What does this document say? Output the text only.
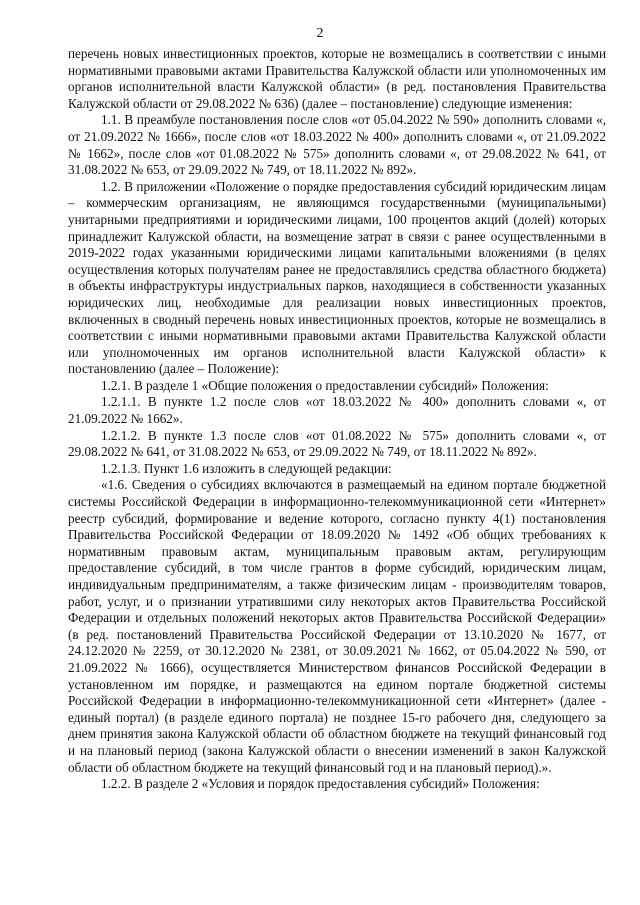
2

перечень новых инвестиционных проектов, которые не возмещались в соответствии с иными нормативными правовыми актами Правительства Калужской области или уполномоченных им органов исполнительной власти Калужской области» (в ред. постановления Правительства Калужской области от 29.08.2022 № 636) (далее – постановление) следующие изменения:

1.1. В преамбуле постановления после слов «от 05.04.2022 № 590» дополнить словами «, от 21.09.2022 № 1666», после слов «от 18.03.2022 № 400» дополнить словами «, от 21.09.2022 № 1662», после слов «от 01.08.2022 № 575» дополнить словами «, от 29.08.2022 № 641, от 31.08.2022 № 653, от 29.09.2022 № 749, от 18.11.2022 № 892».

1.2. В приложении «Положение о порядке предоставления субсидий юридическим лицам – коммерческим организациям, не являющимся государственными (муниципальными) унитарными предприятиями и юридическими лицами, 100 процентов акций (долей) которых принадлежит Калужской области, на возмещение затрат в связи с ранее осуществленными в 2019-2022 годах указанными юридическими лицами капитальными вложениями (в целях осуществления которых получателям ранее не предоставлялись средства областного бюджета) в объекты инфраструктуры индустриальных парков, находящиеся в собственности указанных юридических лиц, необходимые для реализации новых инвестиционных проектов, включенных в сводный перечень новых инвестиционных проектов, которые не возмещались в соответствии с иными нормативными правовыми актами Правительства Калужской области или уполномоченных им органов исполнительной власти Калужской области» к постановлению (далее – Положение):

1.2.1. В разделе 1 «Общие положения о предоставлении субсидий» Положения:

1.2.1.1. В пункте 1.2 после слов «от 18.03.2022 № 400» дополнить словами «, от 21.09.2022 № 1662».

1.2.1.2. В пункте 1.3 после слов «от 01.08.2022 № 575» дополнить словами «, от 29.08.2022 № 641, от 31.08.2022 № 653, от 29.09.2022 № 749, от 18.11.2022 № 892».

1.2.1.3. Пункт 1.6 изложить в следующей редакции:

«1.6. Сведения о субсидиях включаются в размещаемый на едином портале бюджетной системы Российской Федерации в информационно-телекоммуникационной сети «Интернет» реестр субсидий, формирование и ведение которого, согласно пункту 4(1) постановления Правительства Российской Федерации от 18.09.2020 № 1492 «Об общих требованиях к нормативным правовым актам, муниципальным правовым актам, регулирующим предоставление субсидий, в том числе грантов в форме субсидий, юридическим лицам, индивидуальным предпринимателям, а также физическим лицам - производителям товаров, работ, услуг, и о признании утратившими силу некоторых актов Правительства Российской Федерации и отдельных положений некоторых актов Правительства Российской Федерации» (в ред. постановлений Правительства Российской Федерации от 13.10.2020 № 1677, от 24.12.2020 № 2259, от 30.12.2020 № 2381, от 30.09.2021 № 1662, от 05.04.2022 № 590, от 21.09.2022 № 1666), осуществляется Министерством финансов Российской Федерации в установленном им порядке, и размещаются на едином портале бюджетной системы Российской Федерации в информационно-телекоммуникационной сети «Интернет» (далее - единый портал) (в разделе единого портала) не позднее 15-го рабочего дня, следующего за днем принятия закона Калужской области об областном бюджете на текущий финансовый год и на плановый период (закона Калужской области о внесении изменений в закон Калужской области об областном бюджете на текущий финансовый год и на плановый период).».

1.2.2. В разделе 2 «Условия и порядок предоставления субсидий» Положения:
